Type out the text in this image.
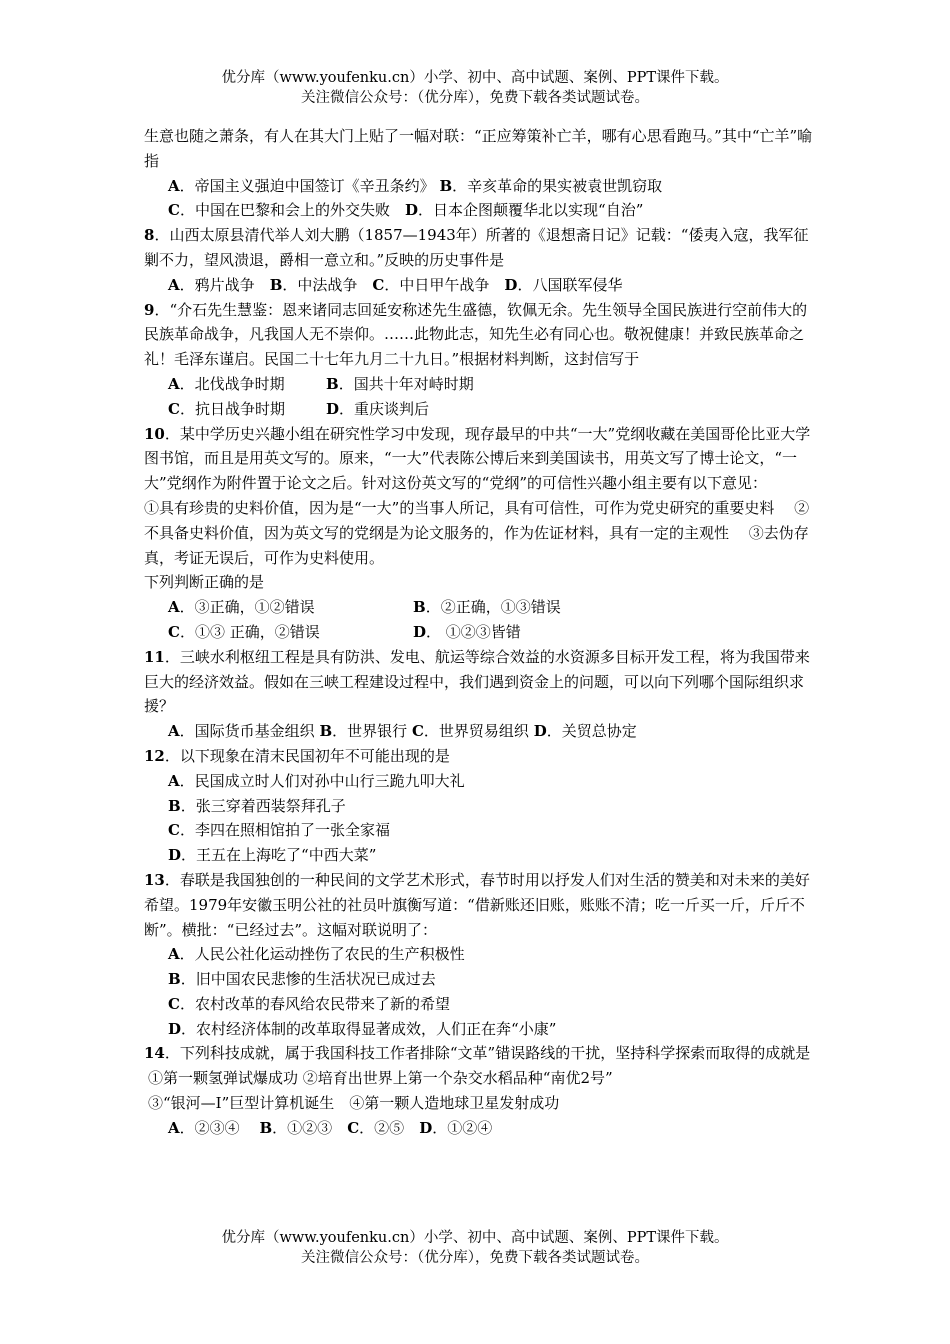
优分库（www.youfenku.cn）小学、初中、高中试题、案例、PPT课件下载。
关注微信公众号：（优分库），免费下载各类试题试卷。
生意也随之萧条，有人在其大门上贴了一幅对联：“正应筹策补亡羊，哪有心思看跑马。”其中“亡羊”喻指
A．帝国主义强迫中国签订《辛丑条约》 B．辛亥革命的果实被袁世凯窃取
C．中国在巴黎和会上的外交失败　 D．日本企图颠覆华北以实现“自治”
8．山西太原县清代举人刘大鹏（1857—1943年）所著的《退想斋日记》记载：“倭夷入寇，我军征剿不力，望风溃退，爵相一意立和。”反映的历史事件是
A．鸦片战争　 B．中法战争　 C．中日甲午战争　 D．八国联军侵华
9．“介石先生慧鉴：恩来诸同志回延安称述先生盛德，钦佩无余。先生领导全国民族进行空前伟大的民族革命战争，凡我国人无不崇仰。……此物此志，知先生必有同心也。敬祝健康！并致民族革命之礼！毛泽东谨启。民国二十七年九月二十九日。”根据材料判断，这封信写于
A．北伐战争时期	B．国共十年对峙时期
C．抗日战争时期	D．重庆谈判后
10．某中学历史兴趣小组在研究性学习中发现，现存最早的中共“一大”党纲收藏在美国哥伦比亚大学图书馆，而且是用英文写的。原来，“一大”代表陈公博后来到美国读书，用英文写了博士论文，“一大”党纲作为附件置于论文之后。针对这份英文写的“党纲”的可信性兴趣小组主要有以下意见：
①具有珍贵的史料价值，因为是“一大”的当事人所记，具有可信性，可作为党史研究的重要史料　 ②不具备史料价值，因为英文写的党纲是为论文服务的，作为佐证材料，具有一定的主观性　 ③去伪存真，考证无误后，可作为史料使用。
下列判断正确的是
A．③正确，①②错误	B．②正确，①③错误
C．①③ 正确，②错误	D． ①②③皆错
11．三峡水利枢纽工程是具有防洪、发电、航运等综合效益的水资源多目标开发工程，将为我国带来巨大的经济效益。假如在三峡工程建设过程中，我们遇到资金上的问题，可以向下列哪个国际组织求援？
A．国际货币基金组织 B．世界银行 C．世界贸易组织 D．关贸总协定
12．以下现象在清末民国初年不可能出现的是
A．民国成立时人们对孙中山行三跪九叩大礼
B．张三穿着西装祭拜孔子
C．李四在照相馆拍了一张全家福
D．王五在上海吃了“中西大菜”
13．春联是我国独创的一种民间的文学艺术形式，春节时用以抒发人们对生活的赞美和对未来的美好希望。1979年安徽玉明公社的社员叶旗衡写道：“借新账还旧账，账账不清；吃一斤买一斤，斤斤不断”。横批：“已经过去”。这幅对联说明了：
A．人民公社化运动挫伤了农民的生产积极性
B．旧中国农民悲惨的生活状况已成过去
C．农村改革的春风给农民带来了新的希望
D．农村经济体制的改革取得显著成效，人们正在奔“小康”
14．下列科技成就，属于我国科技工作者排除“文革”错误路线的干扰，坚持科学探索而取得的成就是
①第一颗氢弹试爆成功 ②培育出世界上第一个杂交水稻品种“南优2号”
③“银河—Ⅰ”巨型计算机诞生　④第一颗人造地球卫星发射成功
A．②③④　 B．①②③　 C．②⑤　 D．①②④
优分库（www.youfenku.cn）小学、初中、高中试题、案例、PPT课件下载。
关注微信公众号：（优分库），免费下载各类试题试卷。
